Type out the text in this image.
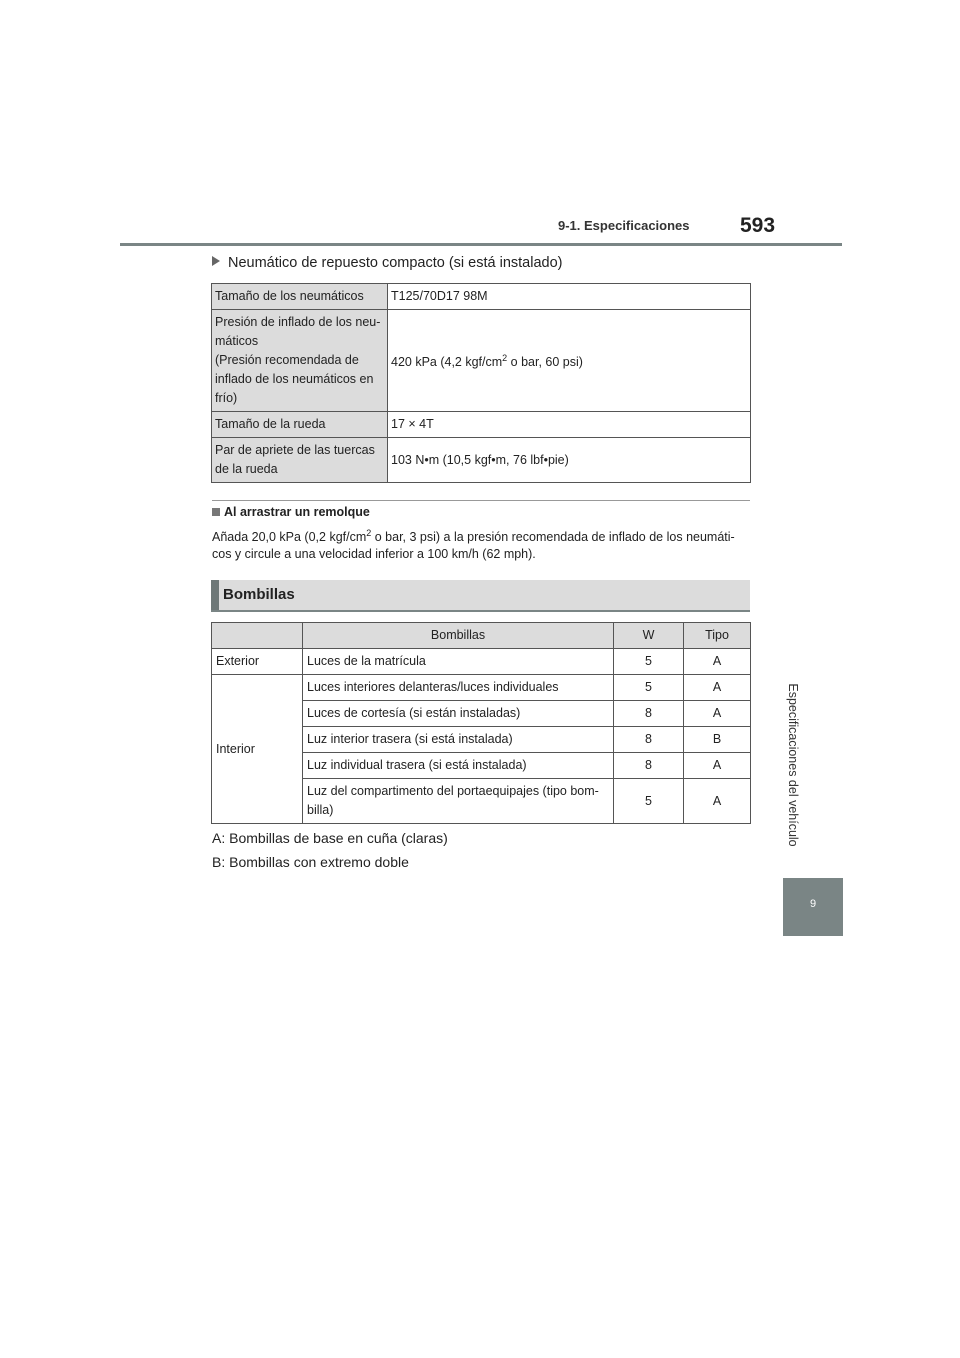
9-1. Especificaciones 593
Especificaciones del vehículo
9
Neumático de repuesto compacto (si está instalado)
Tamaño de los neumáticos	T125/70D17 98M
Presión de inflado de los neu-
máticos
(Presión recomendada de
inflado de los neumáticos en
frío)	420 kPa (4,2 kgf/$cm^2$ o bar, 60 psi)
Tamaño de la rueda	17 × 4T
Par de apriete de las tuercas
de la rueda	103 N•m (10,5 kgf•m, 76 lbf•pie)
Al arrastrar un remolque
Añada 20,0 kPa (0,2 kgf/$cm^2$ o bar, 3 psi) a la presión recomendada de inflado de los neumáti-
cos y circule a una velocidad inferior a 100 km/h (62 mph).
Bombillas
	Bombillas	W	Tipo
Exterior	Luces de la matrícula	5	A
Interior	Luces interiores delanteras/luces individuales	5	A
	Luces de cortesía (si están instaladas)	8	A
	Luz interior trasera (si está instalada)	8	B
	Luz individual trasera (si está instalada)	8	A
	Luz del compartimento del portaequipajes (tipo bom-
billa)	5	A
A: Bombillas de base en cuña (claras)
B: Bombillas con extremo doble
